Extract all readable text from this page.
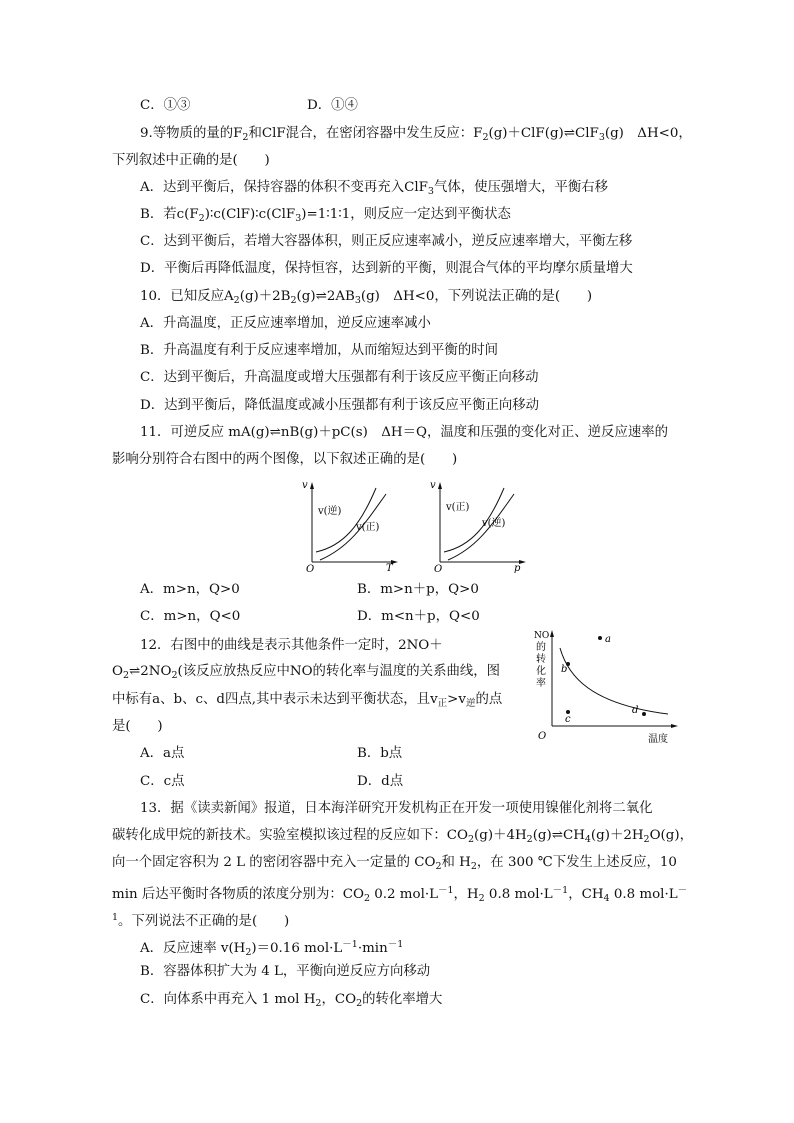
C．①③	D．①④
9.等物质的量的$F_2$和ClF混合，在密闭容器中发生反应：$F_2(g)+ClF(g)\rightleftharpoons ClF_3(g)$　ΔH<0，
下列叙述中正确的是(　　)
A．达到平衡后，保持容器的体积不变再充入ClF$_3$气体，使压强增大，平衡右移
B．若$c(F_2)∶c(ClF)∶c(ClF_3)=1∶1∶1$，则反应一定达到平衡状态
C．达到平衡后，若增大容器体积，则正反应速率减小，逆反应速率增大，平衡左移
D．平衡后再降低温度，保持恒容，达到新的平衡，则混合气体的平均摩尔质量增大
10．已知反应$A_2(g)+2B_2(g)\rightleftharpoons 2AB_3(g)$　ΔH<0，下列说法正确的是(　　)
A．升高温度，正反应速率增加，逆反应速率减小
B．升高温度有利于反应速率增加，从而缩短达到平衡的时间
C．达到平衡后，升高温度或增大压强都有利于该反应平衡正向移动
D．达到平衡后，降低温度或减小压强都有利于该反应平衡正向移动
11．可逆反应 mA(g)⇌nB(g)＋pC(s)　ΔH＝Q，温度和压强的变化对正、逆反应速率的
影响分别符合右图中的两个图像，以下叙述正确的是(　　)
v
T
O
v(逆)
v(正)
v
p
O
v(正)
v(逆)
A．m>n，Q>0	B．m>n＋p，Q>0
C．m>n，Q<0	D．m<n＋p，Q<0
12．右图中的曲线是表示其他条件一定时，2NO＋
$O_2\rightleftharpoons 2NO_2$(该反应放热反应中NO的转化率与温度的关系曲线，图
中标有a、b、c、d四点,其中表示未达到平衡状态，且$v_正>v_逆$的点
是(　　)
NO
的
转
化
率
O	温度
a
b
c
d
A．a点	B．b点
C．c点	D．d点
13．据《读卖新闻》报道，日本海洋研究开发机构正在开发一项使用镍催化剂将二氧化
碳转化成甲烷的新技术。实验室模拟该过程的反应如下：$CO_2(g)+4H_2(g)\rightleftharpoons CH_4(g)+2H_2O(g)$，
向一个固定容积为 2 L 的密闭容器中充入一定量的 $CO_2$和 $H_2$，在 300 ℃下发生上述反应，10
min 后达平衡时各物质的浓度分别为：$CO_2$ 0.2 $mol\cdot L^{-1}$，$H_2$ 0.8 $mol\cdot L^{-1}$，$CH_4$ 0.8 mol·L－
$^1$。下列说法不正确的是(　　)
A．反应速率 $v(H_2)=0.16$ $mol\cdot L^{-1}\cdot\min^{-1}$
B．容器体积扩大为 4 L，平衡向逆反应方向移动
C．向体系中再充入 1 mol $H_2$，$CO_2$的转化率增大
